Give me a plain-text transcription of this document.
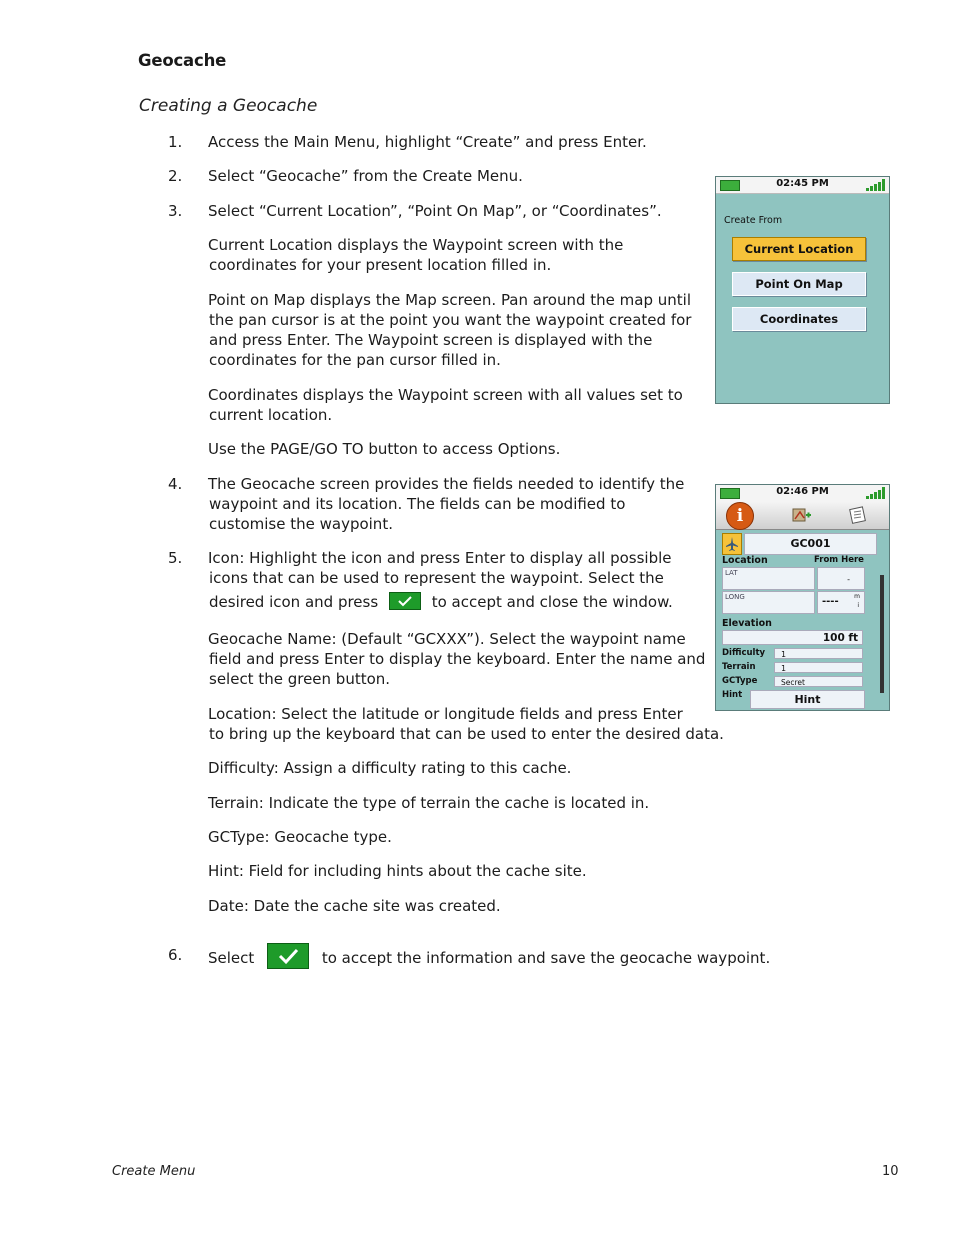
Geocache
Creating a Geocache
1. Access the Main Menu, highlight “Create” and press Enter.
2. Select “Geocache” from the Create Menu.
3. Select “Current Location”, “Point On Map”, or “Coordinates”.
Current Location displays the Waypoint screen with the
coordinates for your present location filled in.
Point on Map displays the Map screen. Pan around the map until
the pan cursor is at the point you want the waypoint created for
and press Enter. The Waypoint screen is displayed with the
coordinates for the pan cursor filled in.
Coordinates displays the Waypoint screen with all values set to
current location.
Use the PAGE/GO TO button to access Options.
4. The Geocache screen provides the fields needed to identify the
waypoint and its location. The fields can be modified to
customise the waypoint.
5. Icon: Highlight the icon and press Enter to display all possible
icons that can be used to represent the waypoint. Select the
desired icon and press	to accept and close the window.
Geocache Name: (Default “GCXXX”). Select the waypoint name
field and press Enter to display the keyboard. Enter the name and
select the green button.
Location: Select the latitude or longitude fields and press Enter
to bring up the keyboard that can be used to enter the desired data.
Difficulty: Assign a difficulty rating to this cache.
Terrain: Indicate the type of terrain the cache is located in.
GCType: Geocache type.
Hint: Field for including hints about the cache site.
Date: Date the cache site was created.
6. Select	to accept the information and save the geocache waypoint.
02:45 PM
Create From
Current Location
Point On Map
Coordinates
02:46 PM
i
GC001
Location	From Here
LAT
LONG
-
----	m
i
Elevation
100 ft
Difficulty	1
Terrain	1
GCType	Secret
Hint	Hint
Create Menu	10
